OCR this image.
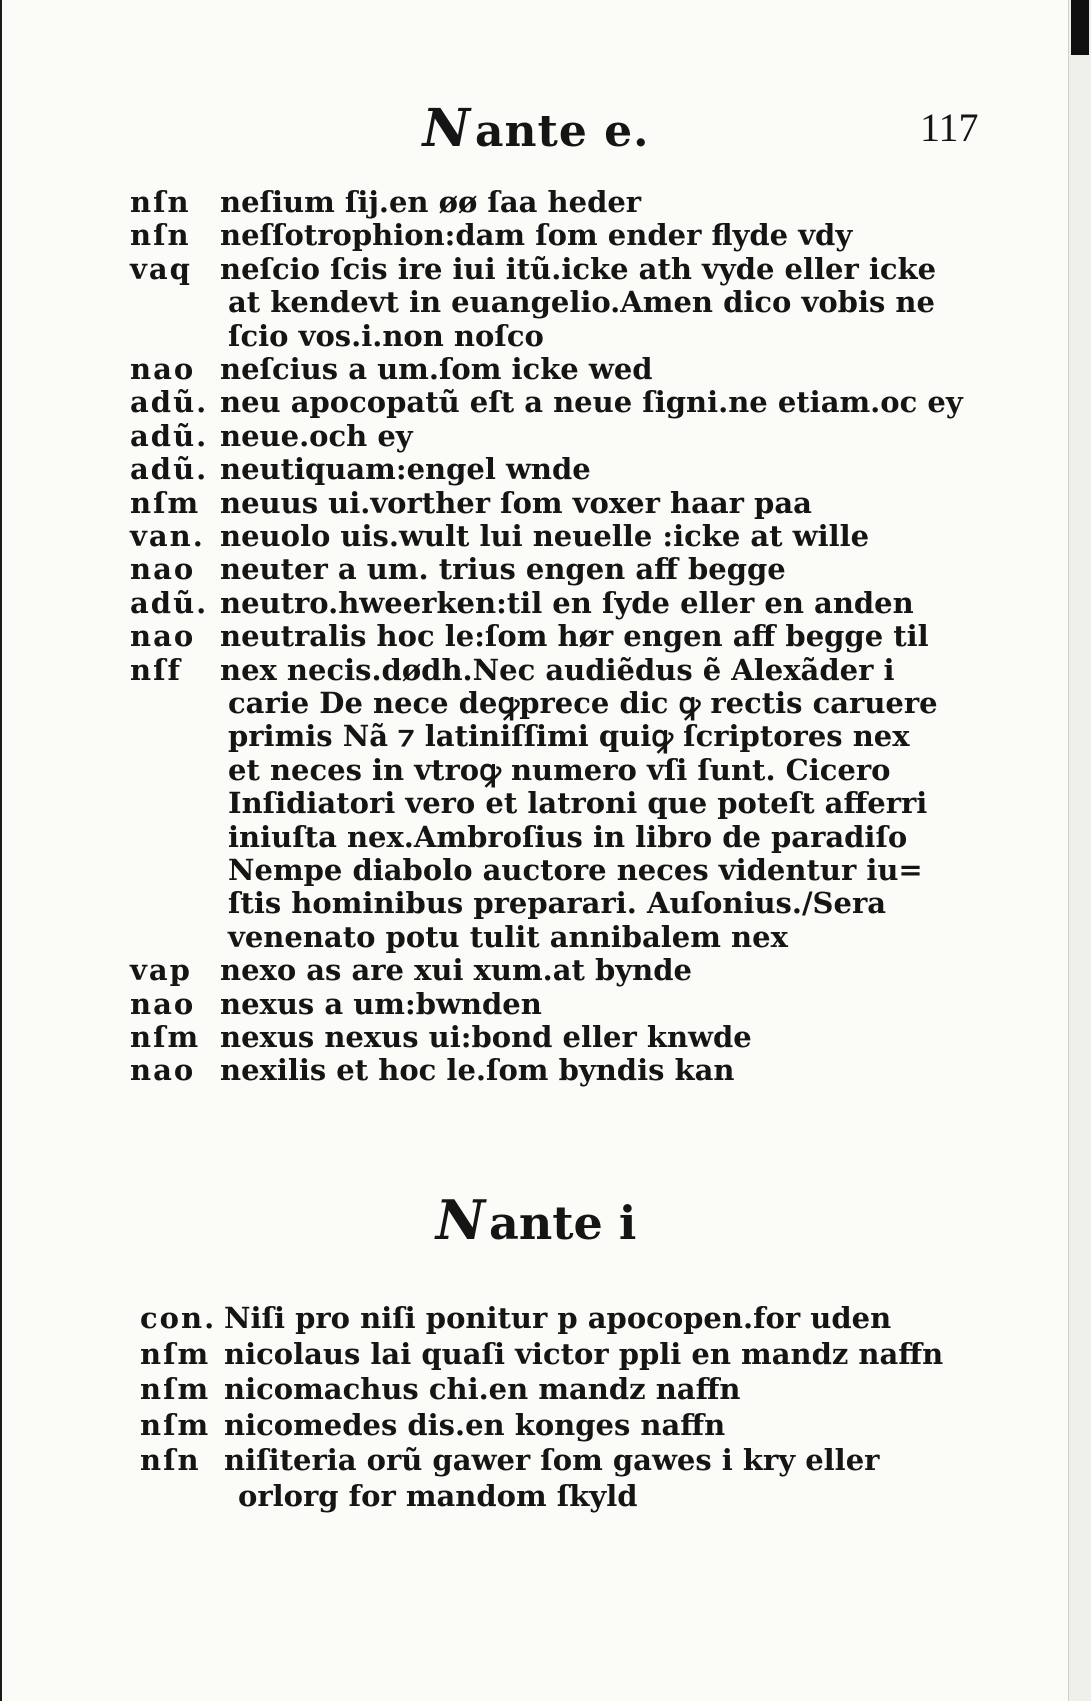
Nante e.	117
nſn	neſium ſij.en øø ſaa heder
nſn	neſſotrophion:dam ſom ender flyde vdy
vaq neſcio ſcis ire iui itũ.icke ath vyde eller icke
at kendevt in euangelio.Amen dico vobis ne
ſcio vos.i.non noſco
nao neſcius a um.ſom icke wed
adũ. neu apocopatũ eſt a neue ſigni.ne etiam.oc ey
adũ. neue.och ey
adũ. neutiquam:engel wnde
nſm neuus ui.vorther ſom voxer haar paa
van. neuolo uis.wult lui neuelle :icke at wille
nao neuter a um. trius engen aff begge
adũ. neutro.hweerken:til en ſyde eller en anden
nao neutralis hoc le:ſom hør engen aff begge til
nſf	nex necis.dødh.Nec audiẽdus ẽ Alexãder i
carie De nece deꝙprece dic ꝙ rectis caruere
primis Nã ⁊ latiniſſimi quiꝙ ſcriptores nex
et neces in vtroꝙ numero vſi ſunt. Cicero
Inſidiatori vero et latroni que poteſt afferri
iniuſta nex.Ambroſius in libro de paradiſo
Nempe diabolo auctore neces videntur iu=
ſtis hominibus preparari. Auſonius./Sera
venenato potu tulit annibalem nex
vap nexo as are xui xum.at bynde
nao nexus a um:bwnden
nſm nexus nexus ui:bond eller knwde
nao nexilis et hoc le.ſom byndis kan
Nante i
con. Niſi pro niſi ponitur p apocopen.for uden
nſm nicolaus lai quaſi victor ppli en mandz naffn
nſm nicomachus chi.en mandz naffn
nſm nicomedes dis.en konges naffn
nſn niſiteria orũ gawer ſom gawes i kry eller
orlorg for mandom ſkyld
